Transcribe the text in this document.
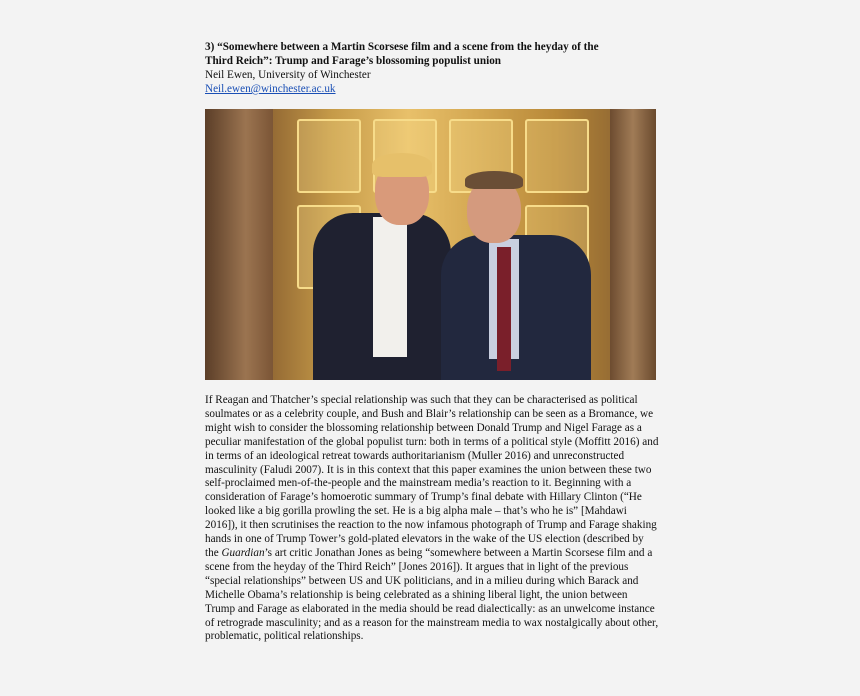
3) “Somewhere between a Martin Scorsese film and a scene from the heyday of the
Third Reich”: Trump and Farage’s blossoming populist union
Neil Ewen, University of Winchester
Neil.ewen@winchester.ac.uk

If Reagan and Thatcher’s special relationship was such that they can be characterised as political soulmates or as a celebrity couple, and Bush and Blair’s relationship can be seen as a Bromance, we might wish to consider the blossoming relationship between Donald Trump and Nigel Farage as a peculiar manifestation of the global populist turn: both in terms of a political style (Moffitt 2016) and in terms of an ideological retreat towards authoritarianism (Muller 2016) and unreconstructed masculinity (Faludi 2007). It is in this context that this paper examines the union between these two self-proclaimed men-of-the-people and the mainstream media’s reaction to it. Beginning with a consideration of Farage’s homoerotic summary of Trump’s final debate with Hillary Clinton (“He looked like a big gorilla prowling the set. He is a big alpha male – that’s who he is” [Mahdawi 2016]), it then scrutinises the reaction to the now infamous photograph of Trump and Farage shaking hands in one of Trump Tower’s gold-plated elevators in the wake of the US election (described by the Guardian’s art critic Jonathan Jones as being “somewhere between a Martin Scorsese film and a scene from the heyday of the Third Reich” [Jones 2016]). It argues that in light of the previous “special relationships” between US and UK politicians, and in a milieu during which Barack and Michelle Obama’s relationship is being celebrated as a shining liberal light, the union between Trump and Farage as elaborated in the media should be read dialectically: as an unwelcome instance of retrograde masculinity; and as a reason for the mainstream media to wax nostalgically about other, problematic, political relationships.
